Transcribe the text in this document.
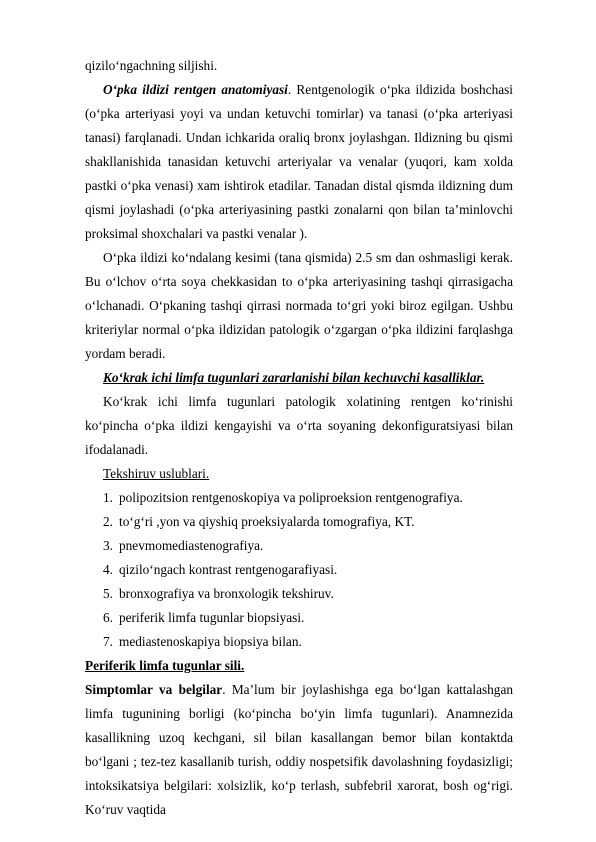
qizilo‘ngachning siljishi.

O‘pka ildizi rentgen anatomiyasi. Rentgenologik o‘pka ildizida boshchasi (o‘pka arteriyasi yoyi va undan ketuvchi tomirlar) va tanasi (o‘pka arteriyasi tanasi) farqlanadi. Undan ichkarida oraliq bronx joylashgan. Ildizning bu qismi shakllanishida tanasidan ketuvchi arteriyalar va venalar (yuqori, kam xolda pastki o‘pka venasi) xam ishtirok etadilar. Tanadan distal qismda ildizning dum qismi joylashadi (o‘pka arteriyasining pastki zonalarni qon bilan ta’minlovchi proksimal shoxchalari va pastki venalar ).

O‘pka ildizi ko‘ndalang kesimi (tana qismida) 2.5 sm dan oshmasligi kerak. Bu o‘lchov o‘rta soya chekkasidan to o‘pka arteriyasining tashqi qirrasigacha o‘lchanadi. O‘pkaning tashqi qirrasi normada to‘gri yoki biroz egilgan. Ushbu kriteriylar normal o‘pka ildizidan patologik o‘zgargan o‘pka ildizini farqlashga yordam beradi.

Ko‘krak ichi limfa tugunlari zararlanishi bilan kechuvchi kasalliklar.

Ko‘krak ichi limfa tugunlari patologik xolatining rentgen ko‘rinishi ko‘pincha o‘pka ildizi kengayishi va o‘rta soyaning dekonfiguratsiyasi bilan ifodalanadi.

Tekshiruv uslublari.

1. polipozitsion rentgenoskopiya va poliproeksion rentgenografiya.
2. to‘g‘ri ,yon va qiyshiq proeksiyalarda tomografiya, KT.
3. pnevmomediastenografiya.
4. qizilo‘ngach kontrast rentgenogarafiyasi.
5. bronxografiya va bronxologik tekshiruv.
6. periferik limfa tugunlar biopsiyasi.
7. mediastenoskapiya biopsiya bilan.

Periferik limfa tugunlar sili.

Simptomlar va belgilar. Ma’lum bir joylashishga ega bo‘lgan kattalashgan limfa tugunining borligi (ko‘pincha bo‘yin limfa tugunlari). Anamnezida kasallikning uzoq kechgani, sil bilan kasallangan bemor bilan kontaktda bo‘lgani ; tez-tez kasallanib turish, oddiy nospetsifik davolashning foydasizligi; intoksikatsiya belgilari: xolsizlik, ko‘p terlash, subfebril xarorat, bosh og‘rigi. Ko‘ruv vaqtida
